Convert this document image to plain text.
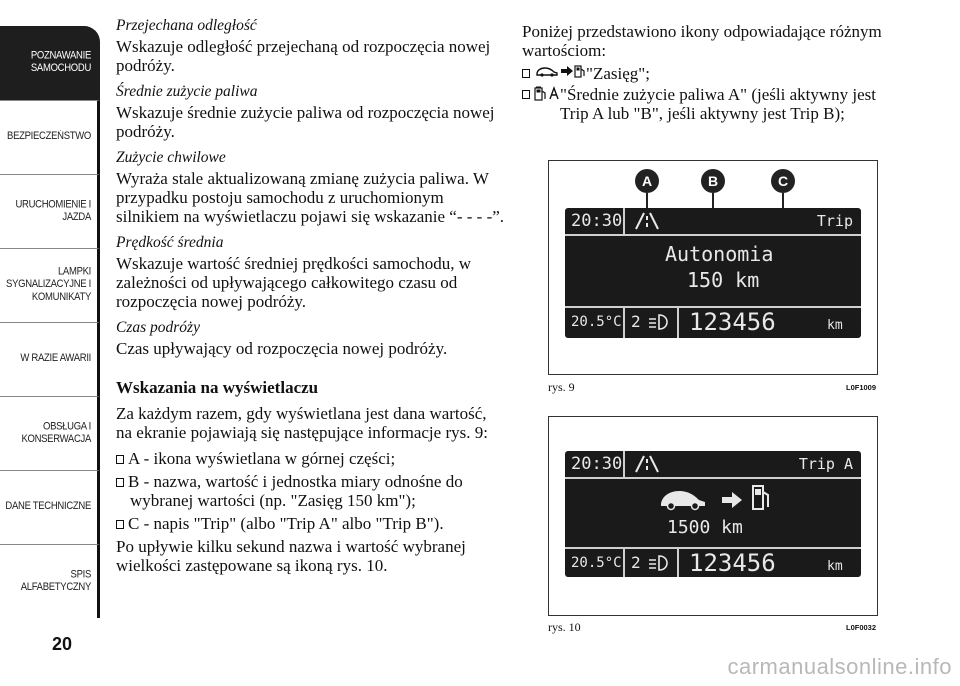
POZNAWANIE SAMOCHODU
BEZPIECZEŃSTWO
URUCHOMIENIE I JAZDA
LAMPKI SYGNALIZACYJNE I KOMUNIKATY
W RAZIE AWARII
OBSŁUGA I KONSERWACJA
DANE TECHNICZNE
SPIS ALFABETYCZNY
20

Przejechana odległość

Wskazuje odległość przejechaną od rozpoczęcia nowej podróży.

Średnie zużycie paliwa

Wskazuje średnie zużycie paliwa od rozpoczęcia nowej podróży.

Zużycie chwilowe

Wyraża stale aktualizowaną zmianę zużycia paliwa. W przypadku postoju samochodu z uruchomionym silnikiem na wyświetlaczu pojawi się wskazanie “- - - -”.

Prędkość średnia

Wskazuje wartość średniej prędkości samochodu, w zależności od upływającego całkowitego czasu od rozpoczęcia nowej podróży.

Czas podróży

Czas upływający od rozpoczęcia nowej podróży.

Wskazania na wyświetlaczu

Za każdym razem, gdy wyświetlana jest dana wartość, na ekranie pojawiają się następujące informacje rys. 9:

A - ikona wyświetlana w górnej części;

B - nazwa, wartość i jednostka miary odnośne do wybranej wartości (np. "Zasięg 150 km");

C - napis "Trip" (albo "Trip A" albo "Trip B").

Po upływie kilku sekund nazwa i wartość wybranej wielkości zastępowane są ikoną rys. 10.

Poniżej przedstawiono ikony odpowiadające różnym wartościom:

"Zasięg";
"Średnie zużycie paliwa A" (jeśli aktywny jest Trip A lub "B", jeśli aktywny jest Trip B);
A	B	C
20:30	Trip
Autonomia
150 km
20.5°C 2 123456	km
rys. 9	L0F1009
20:30	Trip A
1500 km
20.5°C 2 123456	km
rys. 10	L0F0032
carmanualsonline.info
